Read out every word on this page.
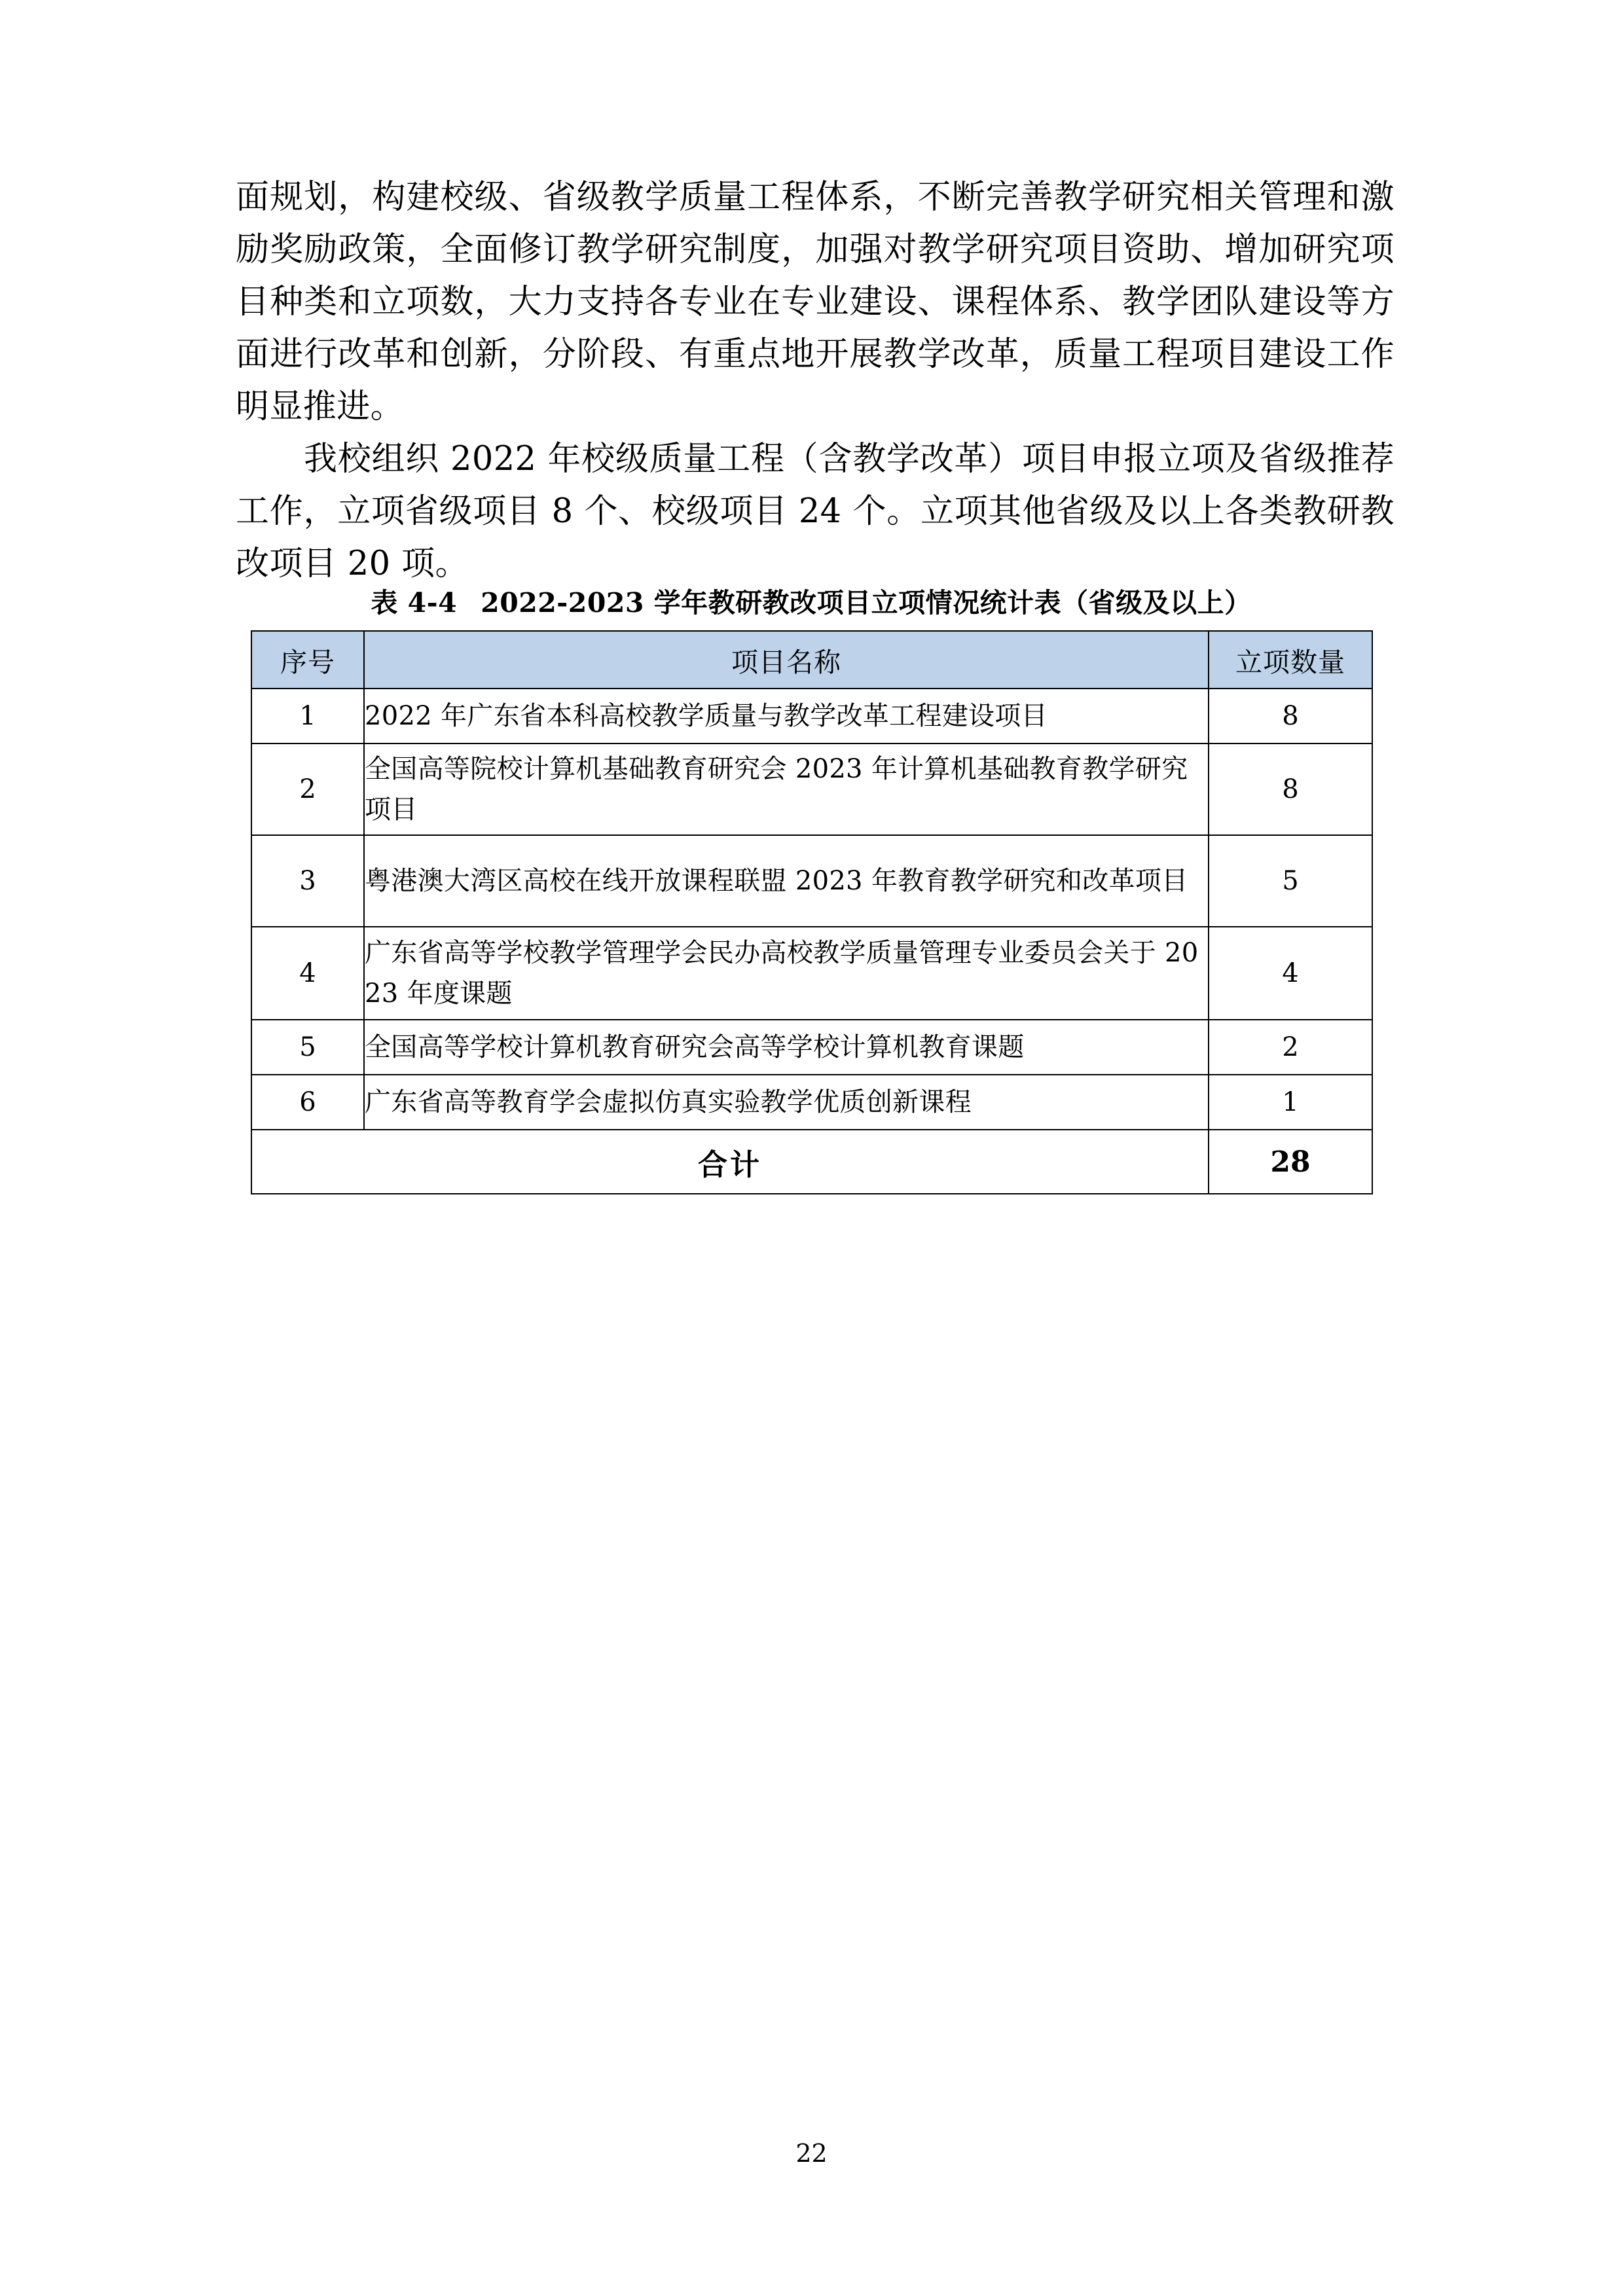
面规划，构建校级、省级教学质量工程体系，不断完善教学研究相关管理和激励奖励政策，全面修订教学研究制度，加强对教学研究项目资助、增加研究项目种类和立项数，大力支持各专业在专业建设、课程体系、教学团队建设等方面进行改革和创新，分阶段、有重点地开展教学改革，质量工程项目建设工作明显推进。

我校组织 2022 年校级质量工程（含教学改革）项目申报立项及省级推荐工作，立项省级项目 8 个、校级项目 24 个。立项其他省级及以上各类教研教改项目 20 项。

表 4-4 2022-2023 学年教研教改项目立项情况统计表（省级及以上）
序号	项目名称	立项数量
1	2022 年广东省本科高校教学质量与教学改革工程建设项目	8
2	全国高等院校计算机基础教育研究会 2023 年计算机基础教育教学研究项目	8
3	粤港澳大湾区高校在线开放课程联盟 2023 年教育教学研究和改革项目	5
4	广东省高等学校教学管理学会民办高校教学质量管理专业委员会关于 2023 年度课题	4
5	全国高等学校计算机教育研究会高等学校计算机教育课题	2
6	广东省高等教育学会虚拟仿真实验教学优质创新课程	1
合计		28
22
